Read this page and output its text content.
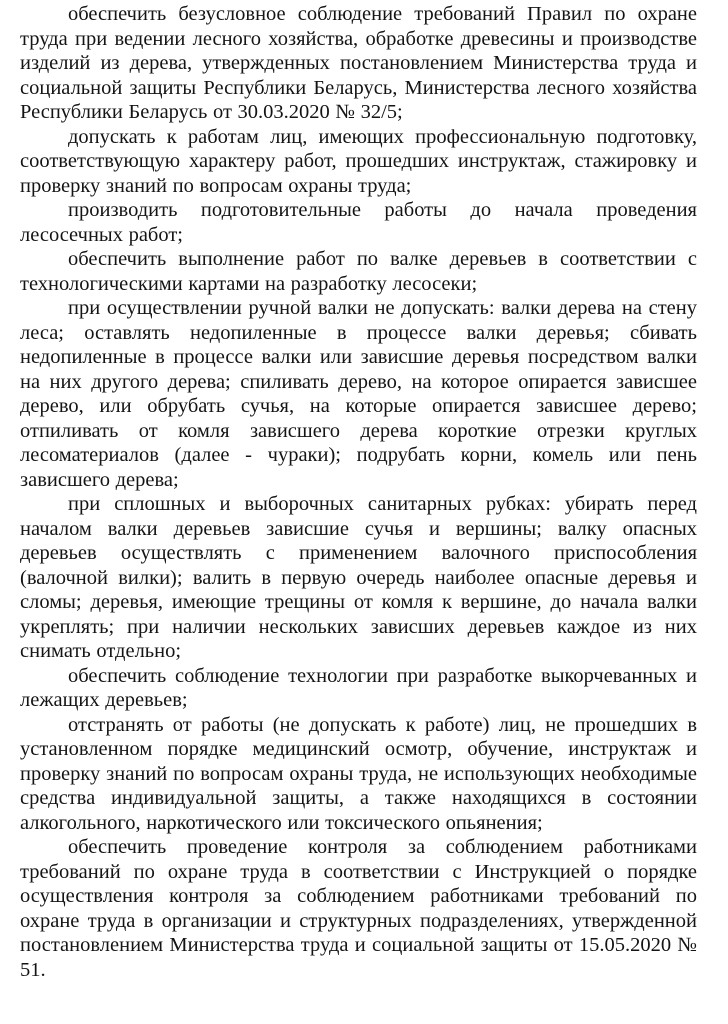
обеспечить безусловное соблюдение требований Правил по охране труда при ведении лесного хозяйства, обработке древесины и производстве изделий из дерева, утвержденных постановлением Министерства труда и социальной защиты Республики Беларусь, Министерства лесного хозяйства Республики Беларусь от 30.03.2020 № 32/5;

допускать к работам лиц, имеющих профессиональную подготовку, соответствующую характеру работ, прошедших инструктаж, стажировку и проверку знаний по вопросам охраны труда;

производить подготовительные работы до начала проведения лесосечных работ;

обеспечить выполнение работ по валке деревьев в соответствии с технологическими картами на разработку лесосеки;

при осуществлении ручной валки не допускать: валки дерева на стену леса; оставлять недопиленные в процессе валки деревья; сбивать недопиленные в процессе валки или зависшие деревья посредством валки на них другого дерева; спиливать дерево, на которое опирается зависшее дерево, или обрубать сучья, на которые опирается зависшее дерево; отпиливать от комля зависшего дерева короткие отрезки круглых лесоматериалов (далее - чураки); подрубать корни, комель или пень зависшего дерева;

при сплошных и выборочных санитарных рубках: убирать перед началом валки деревьев зависшие сучья и вершины; валку опасных деревьев осуществлять с применением валочного приспособления (валочной вилки); валить в первую очередь наиболее опасные деревья и сломы; деревья, имеющие трещины от комля к вершине, до начала валки укреплять; при наличии нескольких зависших деревьев каждое из них снимать отдельно;

обеспечить соблюдение технологии при разработке выкорчеванных и лежащих деревьев;

отстранять от работы (не допускать к работе) лиц, не прошедших в установленном порядке медицинский осмотр, обучение, инструктаж и проверку знаний по вопросам охраны труда, не использующих необходимые средства индивидуальной защиты, а также находящихся в состоянии алкогольного, наркотического или токсического опьянения;

обеспечить проведение контроля за соблюдением работниками требований по охране труда в соответствии с Инструкцией о порядке осуществления контроля за соблюдением работниками требований по охране труда в организации и структурных подразделениях, утвержденной постановлением Министерства труда и социальной защиты от 15.05.2020 № 51.
